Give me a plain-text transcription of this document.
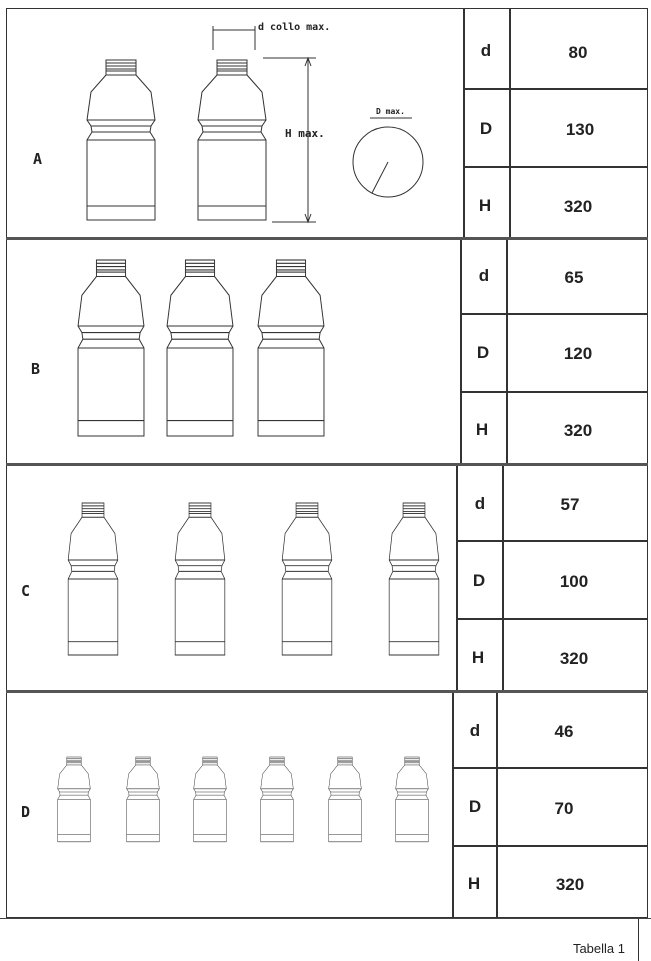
A
B
C
D
d	80
D	130
H	320
d	65
D	120
H	320
d	57
D	100
H	320
d	46
D	70
H	320
d collo max.
H max.
D max.
Tabella 1
